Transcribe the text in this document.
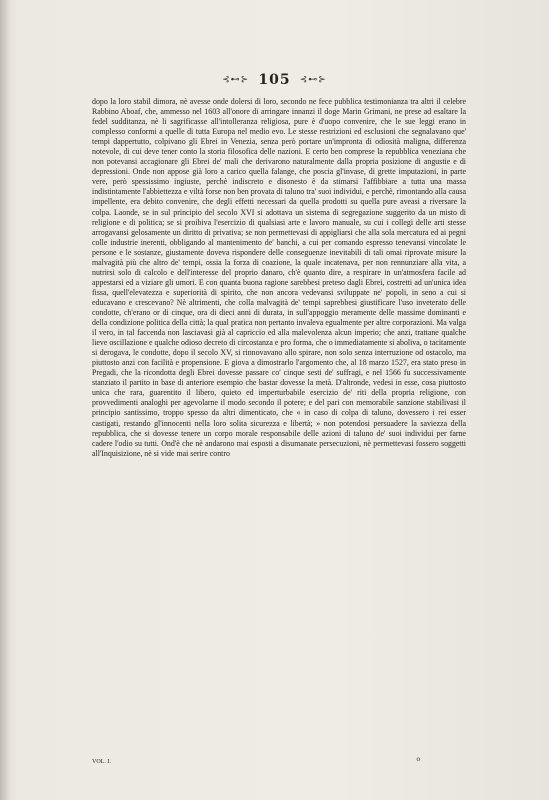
⊰⊷⊱ 105 ⊰⊷⊱
dopo la loro stabil dimora, nè avesse onde dolersi di loro, secondo ne fece pubblica testimonianza tra altri il celebre Rabbino Aboaf, che, ammesso nel 1603 all'onore di arringare innanzi il doge Marin Grimani, ne prese ad esaltare la fedel sudditanza, nè li sagrificasse all'intolleranza religiosa, pure è d'uopo convenire, che le sue leggi erano in complesso conformi a quelle di tutta Europa nel medio evo. Le stesse restrizioni ed esclusioni che segnalavano que' tempi dappertutto, colpivano gli Ebrei in Venezia, senza però portare un'impronta di odiosità maligna, differenza notevole, di cui deve tener conto la storia filosofica delle nazioni. E certo ben comprese la repubblica veneziana che non potevansi accagionare gli Ebrei de' mali che derivarono naturalmente dalla propria posizione di angustie e di depressioni. Onde non appose già loro a carico quella falange, che poscia gl'invase, di grette imputazioni, in parte vere, però spessissimo ingiuste, perchè indiscreto e disonesto è da stimarsi l'affibbiare a tutta una massa indistintamente l'abbiettezza e viltà forse non ben provata di taluno tra' suoi individui, e perchè, rimontando alla causa impellente, era debito convenire, che degli effetti necessari da quella prodotti su quella pure aveasi a riversare la colpa. Laonde, se in sul principio del secolo XVI si adottava un sistema di segregazione suggerito da un misto di religione e di politica; se si proibiva l'esercizio di qualsiasi arte e lavoro manuale, su cui i collegi delle arti stesse arrogavansi gelosamente un diritto di privativa; se non permettevasi di appigliarsi che alla sola mercatura ed ai pegni colle industrie inerenti, obbligando al mantenimento de' banchi, a cui per comando espresso tenevansi vincolate le persone e le sostanze, giustamente doveva rispondere delle conseguenze inevitabili di tali omai riprovate misure la malvagità più che altro de' tempi, ossia la forza di coazione, la quale incatenava, per non rennunziare alla vita, a nutrirsi solo di calcolo e dell'interesse del proprio danaro, ch'è quanto dire, a respirare in un'atmosfera facile ad appestarsi ed a viziare gli umori. E con quanta buona ragione sarebbesi preteso dagli Ebrei, costretti ad un'unica idea fissa, quell'elevatezza e superiorità di spirito, che non ancora vedevansi sviluppate ne' popoli, in seno a cui si educavano e crescevano? Nè altrimenti, che colla malvagità de' tempi saprebbesi giustificare l'uso inveterato delle condotte, ch'erano or di cinque, ora di dieci anni di durata, in sull'appoggio meramente delle massime dominanti e della condizione politica della città; la qual pratica non pertanto invaleva egualmente per altre corporazioni. Ma valga il vero, in tal faccenda non lasciavasi già al capriccio ed alla malevolenza alcun imperio; che anzi, trattane qualche lieve oscillazione e qualche odioso decreto di circostanza e pro forma, che o immediatamente si aboliva, o tacitamente si derogava, le condotte, dopo il secolo XV, si rinnovavano allo spirare, non solo senza interruzione od ostacolo, ma piuttosto anzi con facilità e propensione. E giova a dimostrarlo l'argomento che, al 18 marzo 1527, era stato preso in Pregadi, che la ricondotta degli Ebrei dovesse passare co' cinque sesti de' suffragi, e nel 1566 fu successivamente stanziato il partito in base di anteriore esempio che bastar dovesse la metà. D'altronde, vedesi in esse, cosa piuttosto unica che rara, guarentito il libero, quieto ed imperturbabile esercizio de' riti della propria religione, con provvedimenti analoghi per agevolarne il modo secondo il potere; e del pari con memorabile sanzione stabilivasi il principio santissimo, troppo spesso da altri dimenticato, che « in caso di colpa di taluno, dovessero i rei esser castigati, restando gl'innocenti nella loro solita sicurezza e libertà; » non potendosi persuadere la saviezza della repubblica, che si dovesse tenere un corpo morale responsabile delle azioni di taluno de' suoi individui per farne cadere l'odio su tutti. Ond'è che nè andarono mai esposti a disumanate persecuzioni, nè permettevasi fossero soggetti all'Inquisizione, nè si vide mai serire contro
VOL. I.	o
